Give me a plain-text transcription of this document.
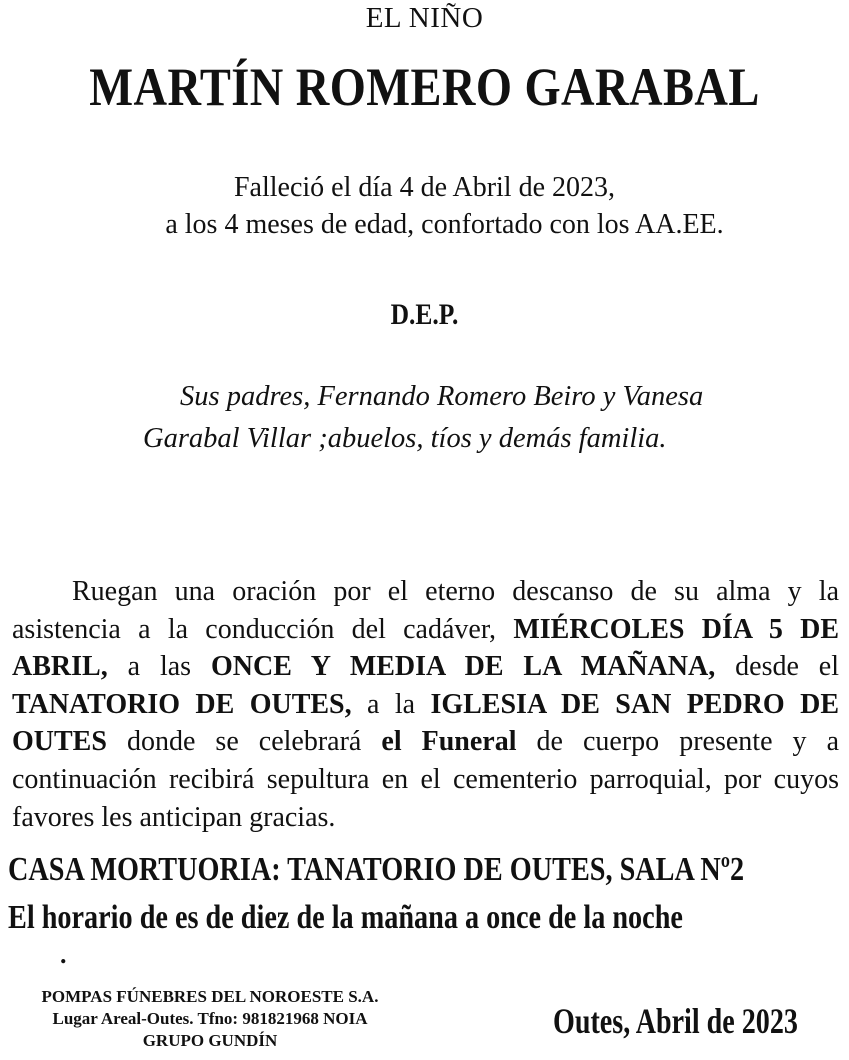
EL NIÑO
MARTÍN ROMERO GARABAL
Falleció el día 4 de Abril de 2023,
a los 4 meses de edad, confortado con los AA.EE.
D.E.P.
Sus padres, Fernando Romero Beiro y Vanesa
Garabal Villar ;abuelos, tíos y demás familia.
Ruegan una oración por el eterno descanso de su alma y la asistencia a la conducción del cadáver, MIÉRCOLES DÍA 5 DE ABRIL, a las ONCE Y MEDIA DE LA MAÑANA, desde el TANATORIO DE OUTES, a la IGLESIA DE SAN PEDRO DE OUTES donde se celebrará el Funeral de cuerpo presente y a continuación recibirá sepultura en el cementerio parroquial, por cuyos favores les anticipan gracias.
CASA MORTUORIA: TANATORIO DE OUTES, SALA Nº2
El horario de es de diez de la mañana a once de la noche
.
POMPAS FÚNEBRES DEL NOROESTE S.A.
Lugar Areal-Outes. Tfno: 981821968 NOIA
GRUPO GUNDÍN	Outes, Abril de 2023
